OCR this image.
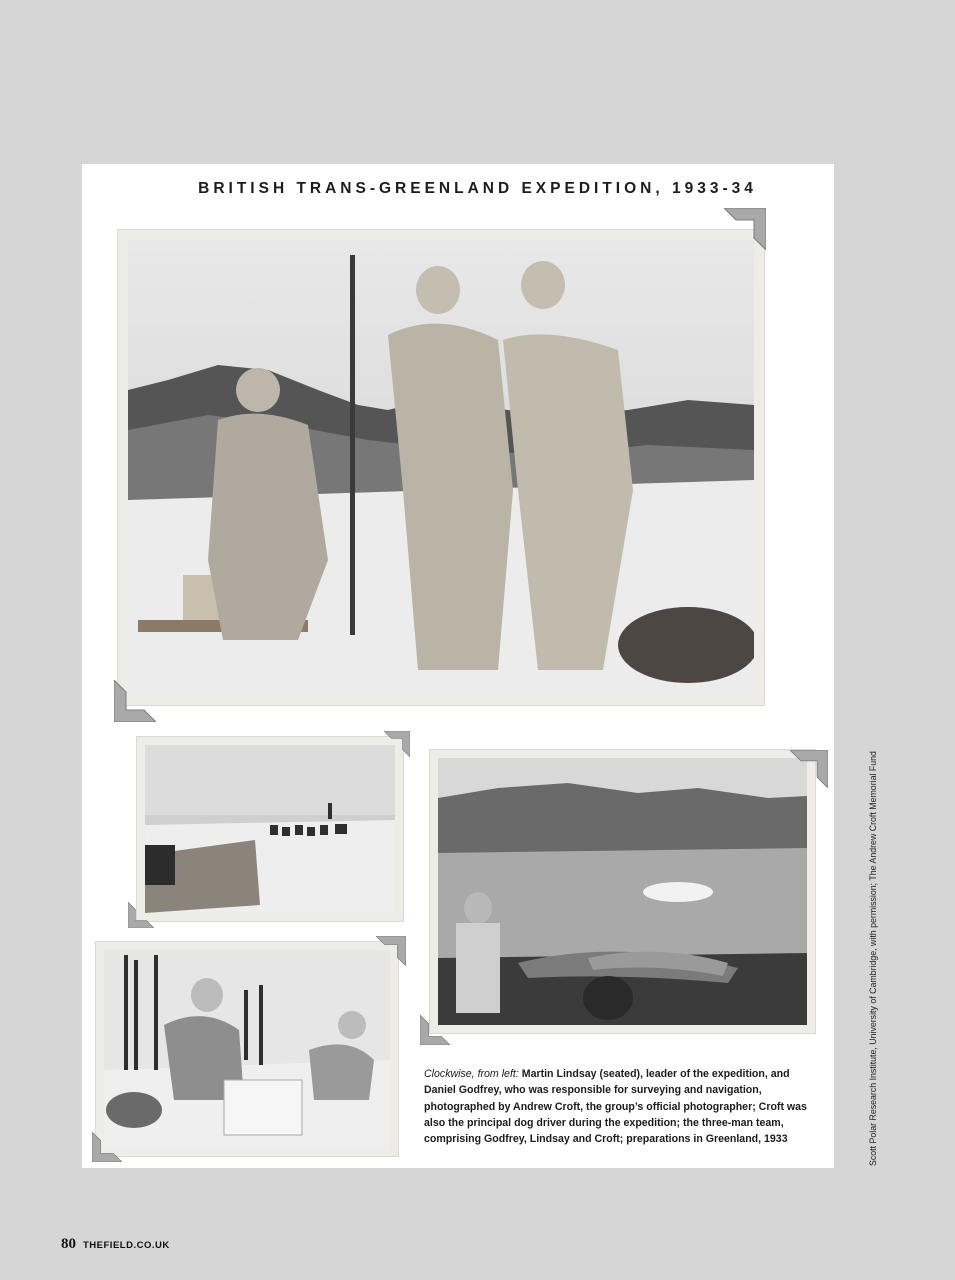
BRITISH TRANS-GREENLAND EXPEDITION, 1933-34
Clockwise, from left: Martin Lindsay (seated), leader of the expedition, and Daniel Godfrey, who was responsible for surveying and navigation, photographed by Andrew Croft, the group’s official photographer; Croft was also the principal dog driver during the expedition; the three-man team, comprising Godfrey, Lindsay and Croft; preparations in Greenland, 1933	Scott Polar Research Institute, University of Cambridge, with permission; The Andrew Croft Memorial Fund
80 THEFIELD.CO.UK
